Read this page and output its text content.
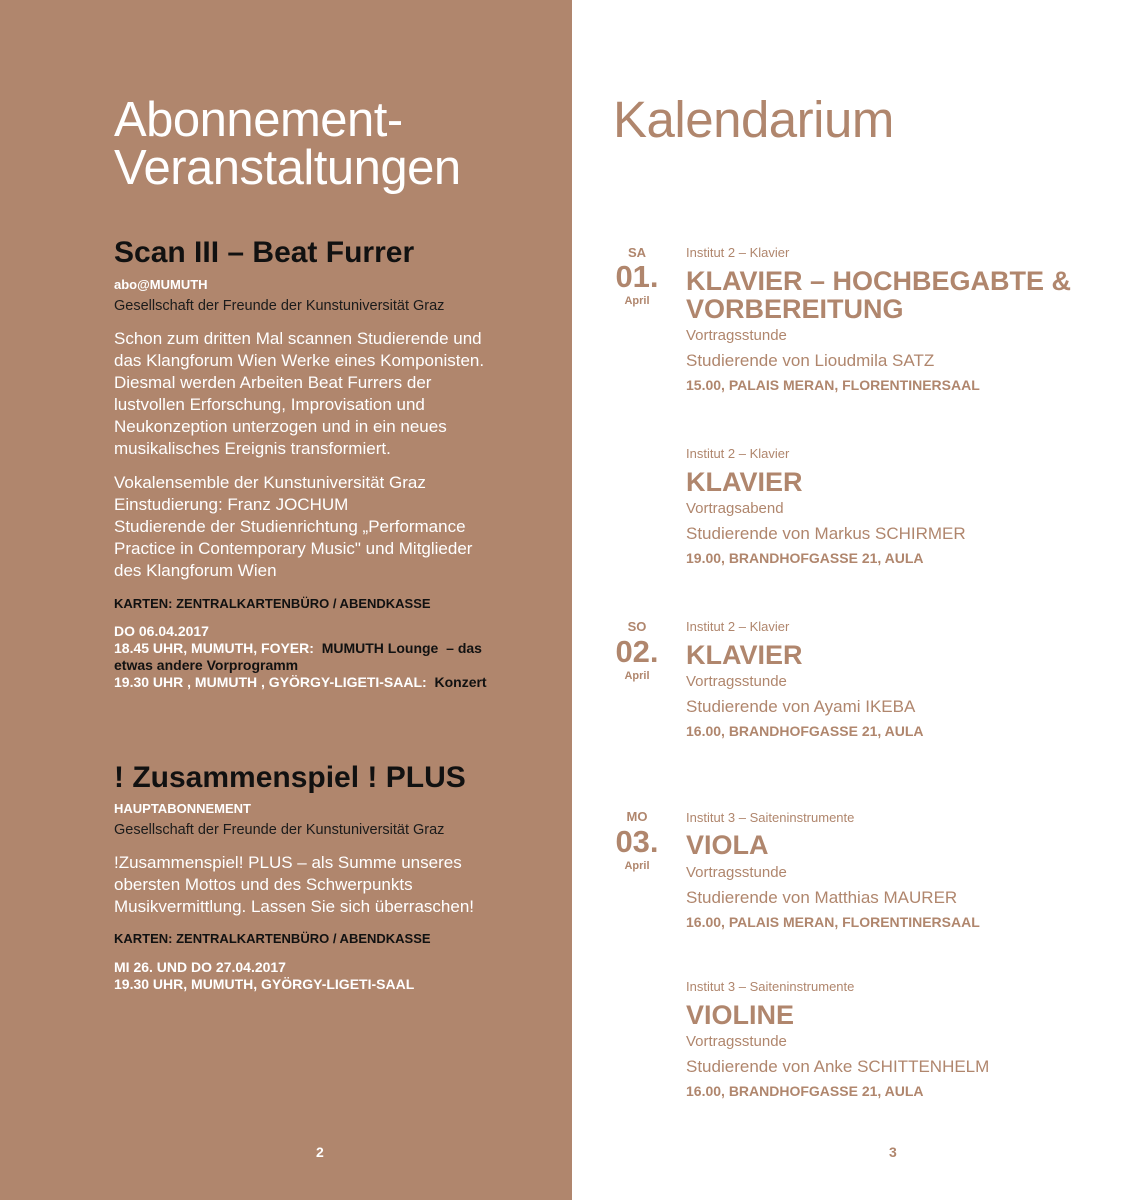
Abonnement-
Veranstaltungen
Scan III – Beat Furrer
abo@MUMUTH
Gesellschaft der Freunde der Kunstuniversität Graz
Schon zum dritten Mal scannen Studierende und
das Klangforum Wien Werke eines Komponisten.
Diesmal werden Arbeiten Beat Furrers der
lustvollen Erforschung, Improvisation und
Neukonzeption unterzogen und in ein neues
musikalisches Ereignis transformiert.
Vokalensemble der Kunstuniversität Graz
Einstudierung: Franz JOCHUM
Studierende der Studienrichtung „Performance
Practice in Contemporary Music" und Mitglieder
des Klangforum Wien
KARTEN: ZENTRALKARTENBÜRO / ABENDKASSE
DO 06.04.2017
18.45 UHR, MUMUTH, FOYER: MUMUTH Lounge – das
etwas andere Vorprogramm
19.30 UHR , MUMUTH , GYÖRGY-LIGETI-SAAL: Konzert
! Zusammenspiel ! PLUS
HAUPTABONNEMENT
Gesellschaft der Freunde der Kunstuniversität Graz
!Zusammenspiel! PLUS – als Summe unseres
obersten Mottos und des Schwerpunkts
Musikvermittlung. Lassen Sie sich überraschen!
KARTEN: ZENTRALKARTENBÜRO / ABENDKASSE
MI 26. UND DO 27.04.2017
19.30 UHR, MUMUTH, GYÖRGY-LIGETI-SAAL
2
Kalendarium
SA
01.
April
Institut 2 – Klavier
KLAVIER – HOCHBEGABTE &
VORBEREITUNG
Vortragsstunde
Studierende von Lioudmila SATZ
15.00, PALAIS MERAN, FLORENTINERSAAL
Institut 2 – Klavier
KLAVIER
Vortragsabend
Studierende von Markus SCHIRMER
19.00, BRANDHOFGASSE 21, AULA
SO
02.
April
Institut 2 – Klavier
KLAVIER
Vortragsstunde
Studierende von Ayami IKEBA
16.00, BRANDHOFGASSE 21, AULA
MO
03.
April
Institut 3 – Saiteninstrumente
VIOLA
Vortragsstunde
Studierende von Matthias MAURER
16.00, PALAIS MERAN, FLORENTINERSAAL
Institut 3 – Saiteninstrumente
VIOLINE
Vortragsstunde
Studierende von Anke SCHITTENHELM
16.00, BRANDHOFGASSE 21, AULA
3
